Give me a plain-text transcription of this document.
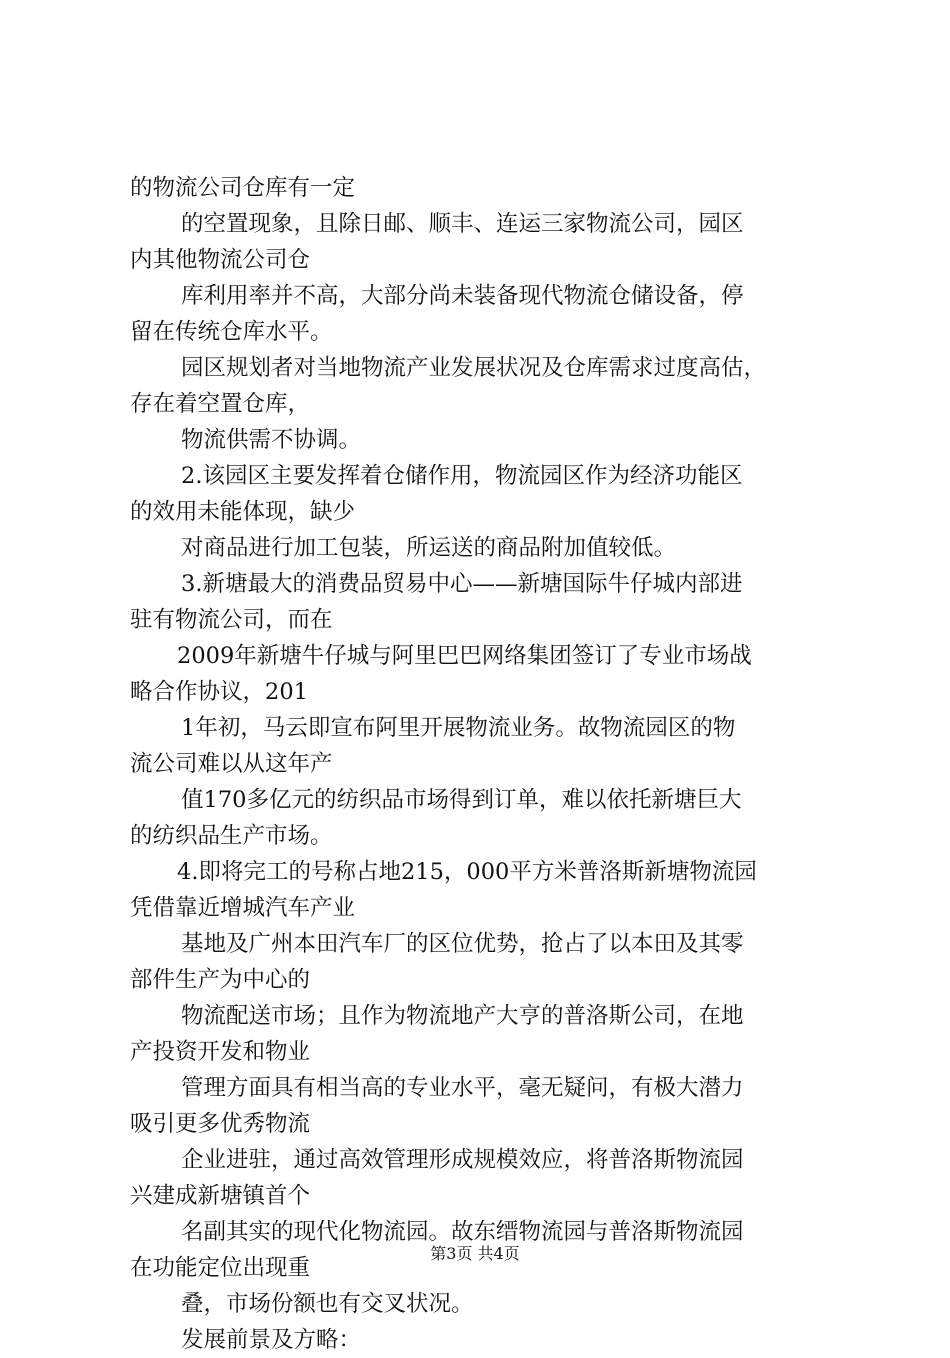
的物流公司仓库有一定
的空置现象，且除日邮、顺丰、连运三家物流公司，园区
内其他物流公司仓
库利用率并不高，大部分尚未装备现代物流仓储设备，停
留在传统仓库水平。
园区规划者对当地物流产业发展状况及仓库需求过度高估，
存在着空置仓库，
物流供需不协调。
2.该园区主要发挥着仓储作用，物流园区作为经济功能区
的效用未能体现，缺少
对商品进行加工包装，所运送的商品附加值较低。
3.新塘最大的消费品贸易中心——新塘国际牛仔城内部进
驻有物流公司，而在
2009年新塘牛仔城与阿里巴巴网络集团签订了专业市场战
略合作协议，201
1年初，马云即宣布阿里开展物流业务。故物流园区的物
流公司难以从这年产
值170多亿元的纺织品市场得到订单，难以依托新塘巨大
的纺织品生产市场。
4.即将完工的号称占地215，000平方米普洛斯新塘物流园
凭借靠近增城汽车产业
基地及广州本田汽车厂的区位优势，抢占了以本田及其零
部件生产为中心的
物流配送市场；且作为物流地产大亨的普洛斯公司，在地
产投资开发和物业
管理方面具有相当高的专业水平，毫无疑问，有极大潜力
吸引更多优秀物流
企业进驻，通过高效管理形成规模效应，将普洛斯物流园
兴建成新塘镇首个
名副其实的现代化物流园。故东缙物流园与普洛斯物流园
在功能定位出现重
叠，市场份额也有交叉状况。
发展前景及方略：
第3页 共4页
